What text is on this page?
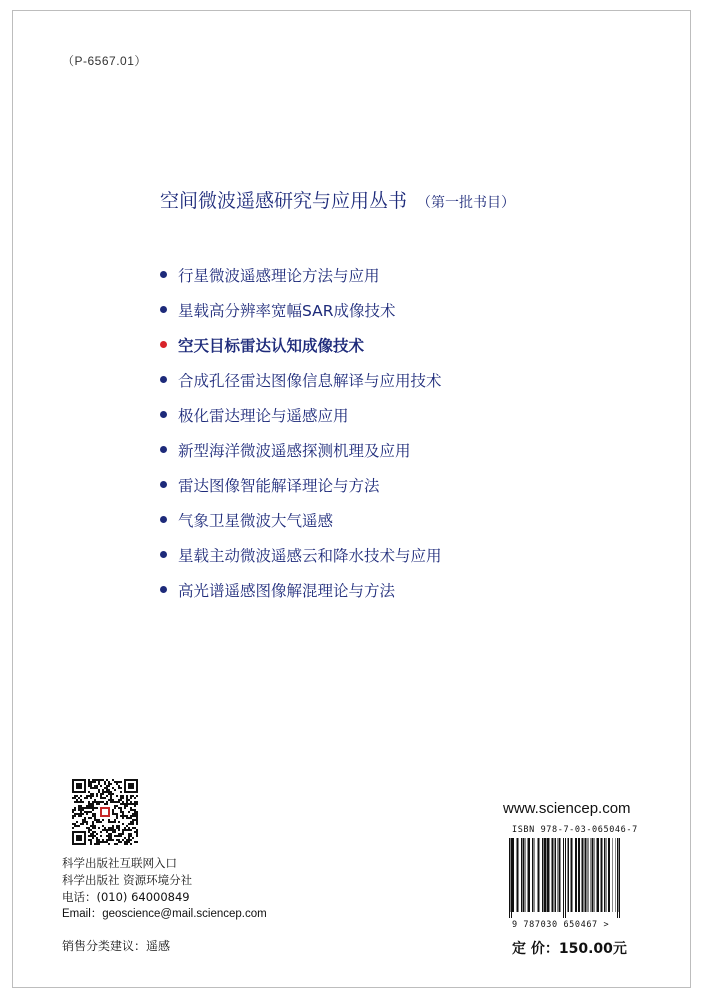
（P-6567.01）
空间微波遥感研究与应用丛书 （第一批书目）
行星微波遥感理论方法与应用
星载高分辨率宽幅SAR成像技术
空天目标雷达认知成像技术
合成孔径雷达图像信息解译与应用技术
极化雷达理论与遥感应用
新型海洋微波遥感探测机理及应用
雷达图像智能解译理论与方法
气象卫星微波大气遥感
星载主动微波遥感云和降水技术与应用
高光谱遥感图像解混理论与方法
科学出版社互联网入口
科学出版社 资源环境分社
电话：(010) 64000849
Email：geoscience@mail.sciencep.com
销售分类建议：遥感
www.sciencep.com
ISBN 978-7-03-065046-7
9 787030 650467 >
定 价：150.00元
